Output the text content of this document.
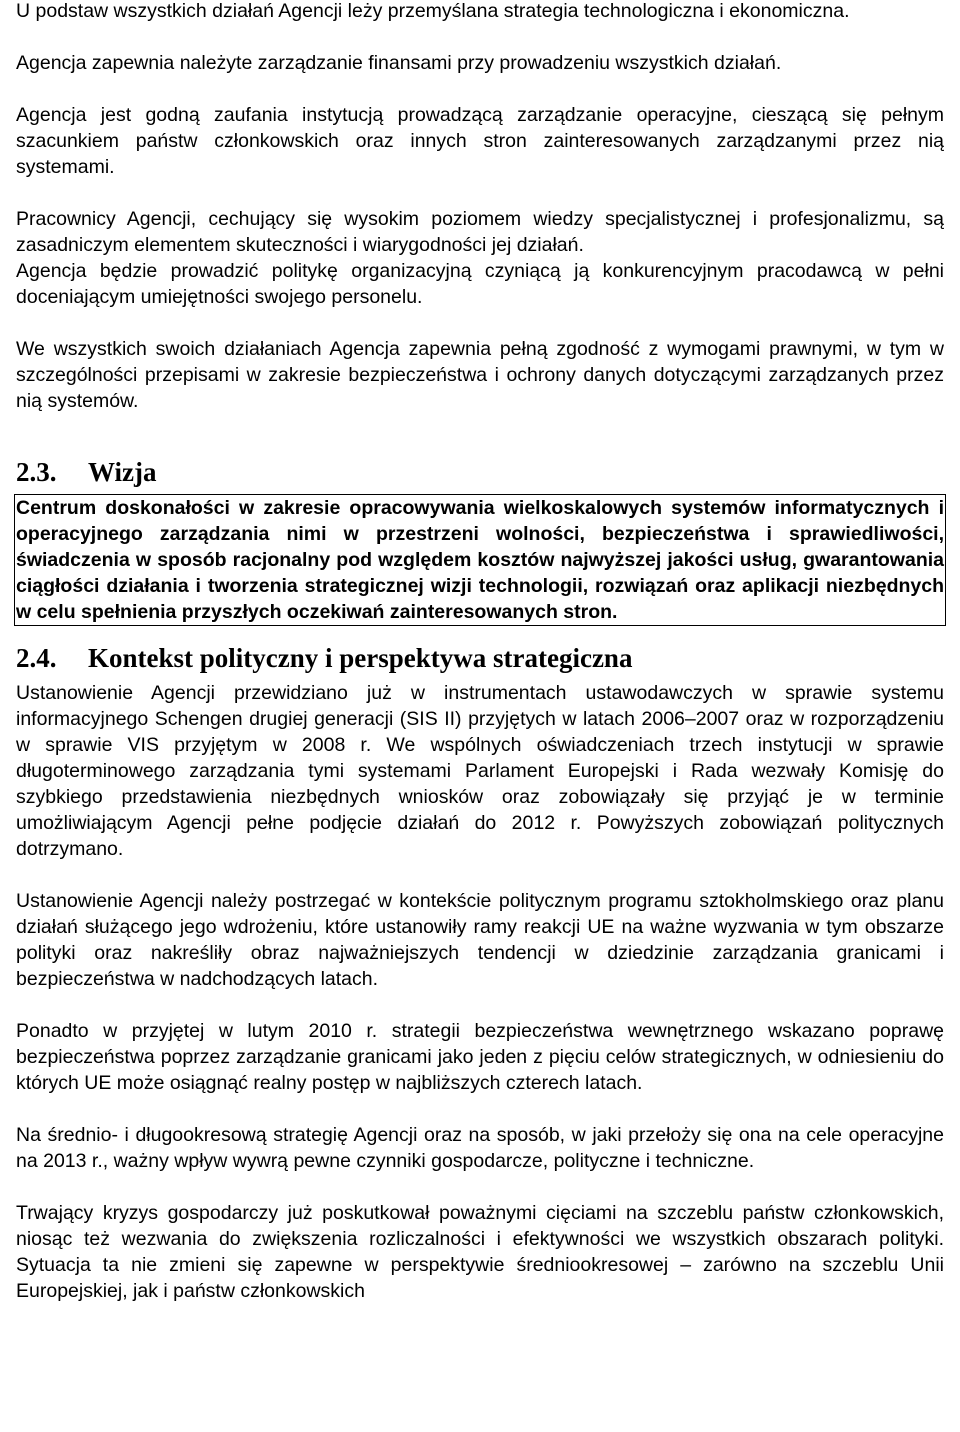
U podstaw wszystkich działań Agencji leży przemyślana strategia technologiczna i ekonomiczna.

Agencja zapewnia należyte zarządzanie finansami przy prowadzeniu wszystkich działań.

Agencja jest godną zaufania instytucją prowadzącą zarządzanie operacyjne, cieszącą się pełnym szacunkiem państw członkowskich oraz innych stron zainteresowanych zarządzanymi przez nią systemami.

Pracownicy Agencji, cechujący się wysokim poziomem wiedzy specjalistycznej i profesjonalizmu, są zasadniczym elementem skuteczności i wiarygodności jej działań.

Agencja będzie prowadzić politykę organizacyjną czyniącą ją konkurencyjnym pracodawcą w pełni doceniającym umiejętności swojego personelu.

We wszystkich swoich działaniach Agencja zapewnia pełną zgodność z wymogami prawnymi, w tym w szczególności przepisami w zakresie bezpieczeństwa i ochrony danych dotyczącymi zarządzanych przez nią systemów.

2.3.	Wizja
Centrum doskonałości w zakresie opracowywania wielkoskalowych systemów informatycznych i operacyjnego zarządzania nimi w przestrzeni wolności, bezpieczeństwa i sprawiedliwości, świadczenia w sposób racjonalny pod względem kosztów najwyższej jakości usług, gwarantowania ciągłości działania i tworzenia strategicznej wizji technologii, rozwiązań oraz aplikacji niezbędnych w celu spełnienia przyszłych oczekiwań zainteresowanych stron.
2.4.	Kontekst polityczny i perspektywa strategiczna

Ustanowienie Agencji przewidziano już w instrumentach ustawodawczych w sprawie systemu informacyjnego Schengen drugiej generacji (SIS II) przyjętych w latach 2006–2007 oraz w rozporządzeniu w sprawie VIS przyjętym w 2008 r. We wspólnych oświadczeniach trzech instytucji w sprawie długoterminowego zarządzania tymi systemami Parlament Europejski i Rada wezwały Komisję do szybkiego przedstawienia niezbędnych wniosków oraz zobowiązały się przyjąć je w terminie umożliwiającym Agencji pełne podjęcie działań do 2012 r. Powyższych zobowiązań politycznych dotrzymano.

Ustanowienie Agencji należy postrzegać w kontekście politycznym programu sztokholmskiego oraz planu działań służącego jego wdrożeniu, które ustanowiły ramy reakcji UE na ważne wyzwania w tym obszarze polityki oraz nakreśliły obraz najważniejszych tendencji w dziedzinie zarządzania granicami i bezpieczeństwa w nadchodzących latach.

Ponadto w przyjętej w lutym 2010 r. strategii bezpieczeństwa wewnętrznego wskazano poprawę bezpieczeństwa poprzez zarządzanie granicami jako jeden z pięciu celów strategicznych, w odniesieniu do których UE może osiągnąć realny postęp w najbliższych czterech latach.

Na średnio- i długookresową strategię Agencji oraz na sposób, w jaki przełoży się ona na cele operacyjne na 2013 r., ważny wpływ wywrą pewne czynniki gospodarcze, polityczne i techniczne.

Trwający kryzys gospodarczy już poskutkował poważnymi cięciami na szczeblu państw członkowskich, niosąc też wezwania do zwiększenia rozliczalności i efektywności we wszystkich obszarach polityki. Sytuacja ta nie zmieni się zapewne w perspektywie średniookresowej – zarówno na szczeblu Unii Europejskiej, jak i państw członkowskich
